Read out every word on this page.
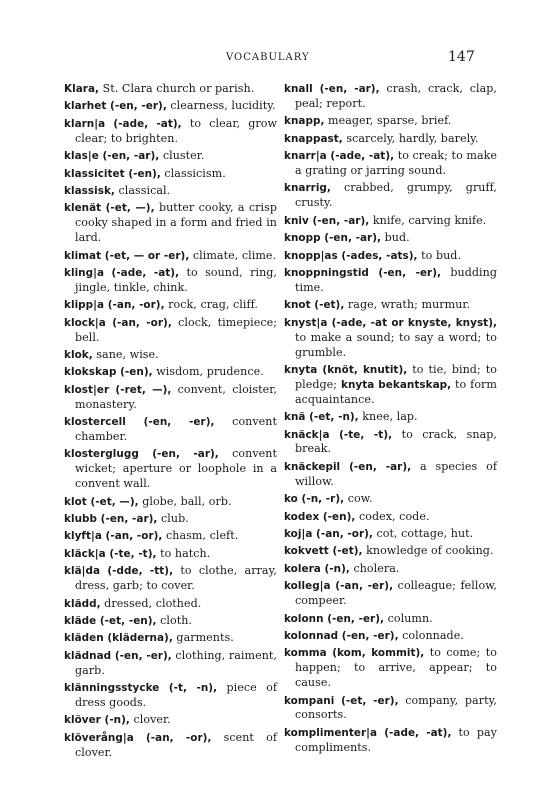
VOCABULARY	147
Klara, St. Clara church or parish.
klarhet (-en, -er), clearness, lucidity.
klarn|a (-ade, -at), to clear, grow clear; to brighten.
klas|e (-en, -ar), cluster.
klassicitet (-en), classicism.
klassisk, classical.
klenät (-et, —), butter cooky, a crisp cooky shaped in a form and fried in lard.
klimat (-et, — or -er), climate, clime.
kling|a (-ade, -at), to sound, ring, jingle, tinkle, chink.
klipp|a (-an, -or), rock, crag, cliff.
klock|a (-an, -or), clock, timepiece; bell.
klok, sane, wise.
klokskap (-en), wisdom, prudence.
klost|er (-ret, —), convent, cloister, monastery.
klostercell (-en, -er), convent chamber.
klosterglugg (-en, -ar), convent wicket; aperture or loophole in a convent wall.
klot (-et, —), globe, ball, orb.
klubb (-en, -ar), club.
klyft|a (-an, -or), chasm, cleft.
kläck|a (-te, -t), to hatch.
klä|da (-dde, -tt), to clothe, array, dress, garb; to cover.
klädd, dressed, clothed.
kläde (-et, -en), cloth.
kläden (kläderna), garments.
klädnad (-en, -er), clothing, raiment, garb.
klänningsstycke (-t, -n), piece of dress goods.
klöver (-n), clover.
klöverång|a (-an, -or), scent of clover.
knall (-en, -ar), crash, crack, clap, peal; report.
knapp, meager, sparse, brief.
knappast, scarcely, hardly, barely.
knarr|a (-ade, -at), to creak; to make a grating or jarring sound.
knarrig, crabbed, grumpy, gruff, crusty.
kniv (-en, -ar), knife, carving knife.
knopp (-en, -ar), bud.
knopp|as (-ades, -ats), to bud.
knoppningstid (-en, -er), budding time.
knot (-et), rage, wrath; murmur.
knyst|a (-ade, -at or knyste, knyst), to make a sound; to say a word; to grumble.
knyta (knöt, knutit), to tie, bind; to pledge; knyta bekantskap, to form acquaintance.
knä (-et, -n), knee, lap.
knäck|a (-te, -t), to crack, snap, break.
knäckepil (-en, -ar), a species of willow.
ko (-n, -r), cow.
kodex (-en), codex, code.
koj|a (-an, -or), cot, cottage, hut.
kokvett (-et), knowledge of cooking.
kolera (-n), cholera.
kolleg|a (-an, -er), colleague; fellow, compeer.
kolonn (-en, -er), column.
kolonnad (-en, -er), colonnade.
komma (kom, kommit), to come; to happen; to arrive, appear; to cause.
kompani (-et, -er), company, party, consorts.
komplimenter|a (-ade, -at), to pay compliments.
